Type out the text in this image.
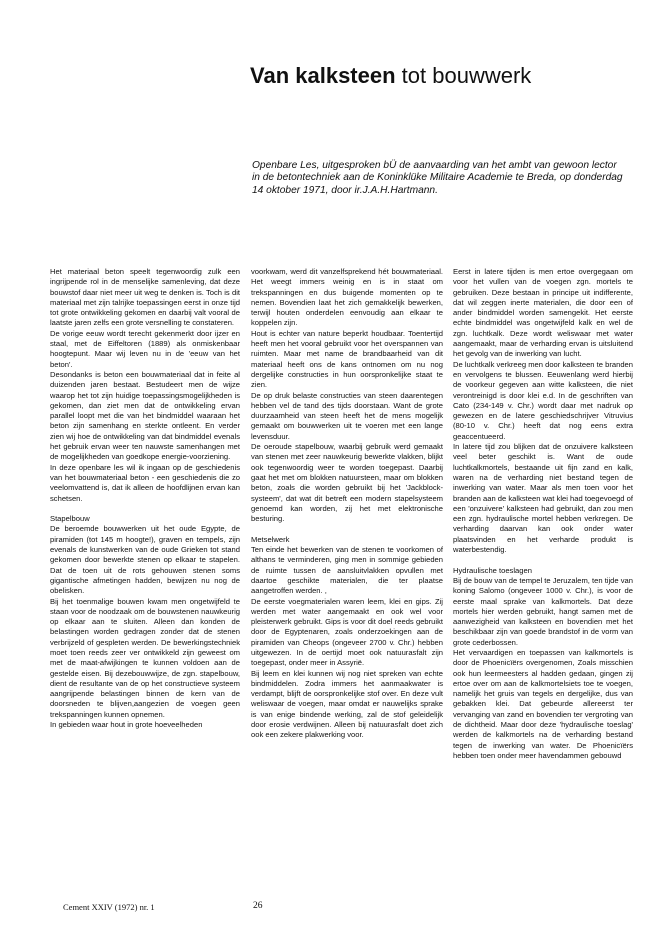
Van kalksteen tot bouwwerk
Openbare Les, uitgesproken bÜ de aanvaarding van het ambt van gewoon lector in de betontechniek aan de Koninklüke Militaire Academie te Breda, op donderdag 14 oktober 1971, door ir.J.A.H.Hartmann.

Het materiaal beton speelt tegenwoordig zulk een ingrijpende rol in de menselijke samenleving, dat deze bouwstof daar niet meer uit weg te denken is. Toch is dit materiaal met zijn talrijke toepassingen eerst in onze tijd tot grote ontwikkeling gekomen en daarbij valt vooral de laatste jaren zelfs een grote versnelling te constateren.

De vorige eeuw wordt terecht gekenmerkt door ijzer en staal, met de Eiffeltoren (1889) als onmiskenbaar hoogtepunt. Maar wij leven nu in de 'eeuw van het beton'.

Desondanks is beton een bouwmateriaal dat in feite al duizenden jaren bestaat. Bestudeert men de wijze waarop het tot zijn huidige toepassingsmogelijkheden is gekomen, dan ziet men dat de ontwikkeling ervan parallel loopt met die van het bindmiddel waaraan het beton zijn samenhang en sterkte ontleent. En verder zien wij hoe de ontwikkeling van dat bindmiddel evenals het gebruik ervan weer ten nauwste samenhangen met de mogelijkheden van goedkope energie-voorziening.

In deze openbare les wil ik ingaan op de geschiedenis van het bouwmateriaal beton - een geschiedenis die zo veelomvattend is, dat ik alleen de hoofdlijnen ervan kan schetsen.

Stapelbouw

De beroemde bouwwerken uit het oude Egypte, de piramiden (tot 145 m hoogte!), graven en tempels, zijn evenals de kunstwerken van de oude Grieken tot stand gekomen door bewerkte stenen op elkaar te stapelen. Dat de toen uit de rots gehouwen stenen soms gigantische afmetingen hadden, bewijzen nu nog de obelisken.

Bij het toenmalige bouwen kwam men ongetwijfeld te staan voor de noodzaak om de bouwstenen nauwkeurig op elkaar aan te sluiten. Alleen dan konden de belastingen worden gedragen zonder dat de stenen verbrijzeld of gespleten werden. De bewerkingstechniek moet toen reeds zeer ver ontwikkeld zijn geweest om met de maat-afwijkingen te kunnen voldoen aan de gestelde eisen. Bij dezebouwwijze, de zgn. stapelbouw, dient de resultante van de op het constructieve systeem aangrijpende belastingen binnen de kern van de doorsneden te blijven,aangezien de voegen geen trekspanningen kunnen opnemen.

In gebieden waar hout in grote hoeveelheden

voorkwam, werd dit vanzelfsprekend hét bouwmateriaal. Het weegt immers weinig en is in staat om trekspanningen en dus buigende momenten op te nemen. Bovendien laat het zich gemakkelijk bewerken, terwijl houten onderdelen eenvoudig aan elkaar te koppelen zijn.

Hout is echter van nature beperkt houdbaar. Toentertijd heeft men het vooral gebruikt voor het overspannen van ruimten. Maar met name de brandbaarheid van dit materiaal heeft ons de kans ontnomen om nu nog dergelijke constructies in hun oorspronkelijke staat te zien.

De op druk belaste constructies van steen daarentegen hebben vel de tand des tijds doorstaan. Want de grote duurzaamheid van steen heeft het de mens mogelijk gemaakt om bouwwerken uit te voeren met een lange levensduur.

De oeroude stapelbouw, waarbij gebruik werd gemaakt van stenen met zeer nauwkeurig bewerkte vlakken, blijkt ook tegenwoordig weer te worden toegepast. Daarbij gaat het met om blokken natuursteen, maar om blokken beton, zoals die worden gebruikt bij het 'Jackblock-systeem', dat wat dit betreft een modern stapelsysteem genoemd kan worden, zij het met elektronische besturing.

Metselwerk

Ten einde het bewerken van de stenen te voorkomen of althans te verminderen, ging men in sommige gebieden de ruimte tussen de aansluitvlakken opvullen met daartoe geschikte materialen, die ter plaatse aangetroffen werden. ,

De eerste voegmaterialen waren leem, klei en gips. Zij werden met water aangemaakt en ook wel voor pleisterwerk gebruikt. Gips is voor dit doel reeds gebruikt door de Egyptenaren, zoals onderzoekingen aan de piramiden van Cheops (ongeveer 2700 v. Chr.) hebben uitgewezen. In de oertijd moet ook natuurasfalt zijn toegepast, onder meer in Assyrië.

Bij leem en klei kunnen wij nog niet spreken van echte bindmiddelen. Zodra immers het aanmaakwater is verdampt, blijft de oorspronkelijke stof over. En deze vult weliswaar de voegen, maar omdat er nauwelijks sprake is van enige bindende werking, zal de stof geleidelijk door erosie verdwijnen. Alleen bij natuurasfalt doet zich ook een zekere plakwerking voor.

Eerst in latere tijden is men ertoe overgegaan om voor het vullen van de voegen zgn. mortels te gebruiken. Deze bestaan in principe uit indifferente, dat wil zeggen inerte materialen, die door een of ander bindmiddel worden samengekit. Het eerste echte bindmiddel was ongetwijfeld kalk en wel de zgn. luchtkalk. Deze wordt weliswaar met water aangemaakt, maar de verharding ervan is uitsluitend het gevolg van de inwerking van lucht.

De luchtkalk verkreeg men door kalksteen te branden en vervolgens te blussen. Eeuwenlang werd hierbij de voorkeur gegeven aan witte kalksteen, die niet verontreinigd is door klei e.d. In de geschriften van Cato (234-149 v. Chr.) wordt daar met nadruk op gewezen en de latere geschiedschrijver Vitruvius (80-10 v. Chr.) heeft dat nog eens extra geaccentueerd.

In latere tijd zou blijken dat de onzuivere kalksteen veel beter geschikt is. Want de oude luchtkalkmortels, bestaande uit fijn zand en kalk, waren na de verharding niet bestand tegen de inwerking van water. Maar als men toen voor het branden aan de kalksteen wat klei had toegevoegd of een 'onzuivere' kalksteen had gebruikt, dan zou men een zgn. hydraulische mortel hebben verkregen. De verharding daarvan kan ook onder water plaatsvinden en het verharde produkt is waterbestendig.

Hydraulische toeslagen

Bij de bouw van de tempel te Jeruzalem, ten tijde van koning Salomo (ongeveer 1000 v. Chr.), is voor de eerste maal sprake van kalkmortels. Dat deze mortels hier werden gebruikt, hangt samen met de aanwezigheid van kalksteen en bovendien met het beschikbaar zijn van goede brandstof in de vorm van grote cederbossen.

Het vervaardigen en toepassen van kalkmortels is door de Phoenicïërs overgenomen, Zoals misschien ook hun leermeesters al hadden gedaan, gingen zij ertoe over om aan de kalkmortelsiets toe te voegen, namelijk het gruis van tegels en dergelijke, dus van gebakken klei. Dat gebeurde allereerst ter vervanging van zand en bovendien ter vergroting van de dichtheid. Maar door deze 'hydraulische toeslag' werden de kalkmortels na de verharding bestand tegen de inwerking van water. De Phoenicïërs hebben toen onder meer havendammen gebouwd

Cement XXIV (1972) nr. 1	26
